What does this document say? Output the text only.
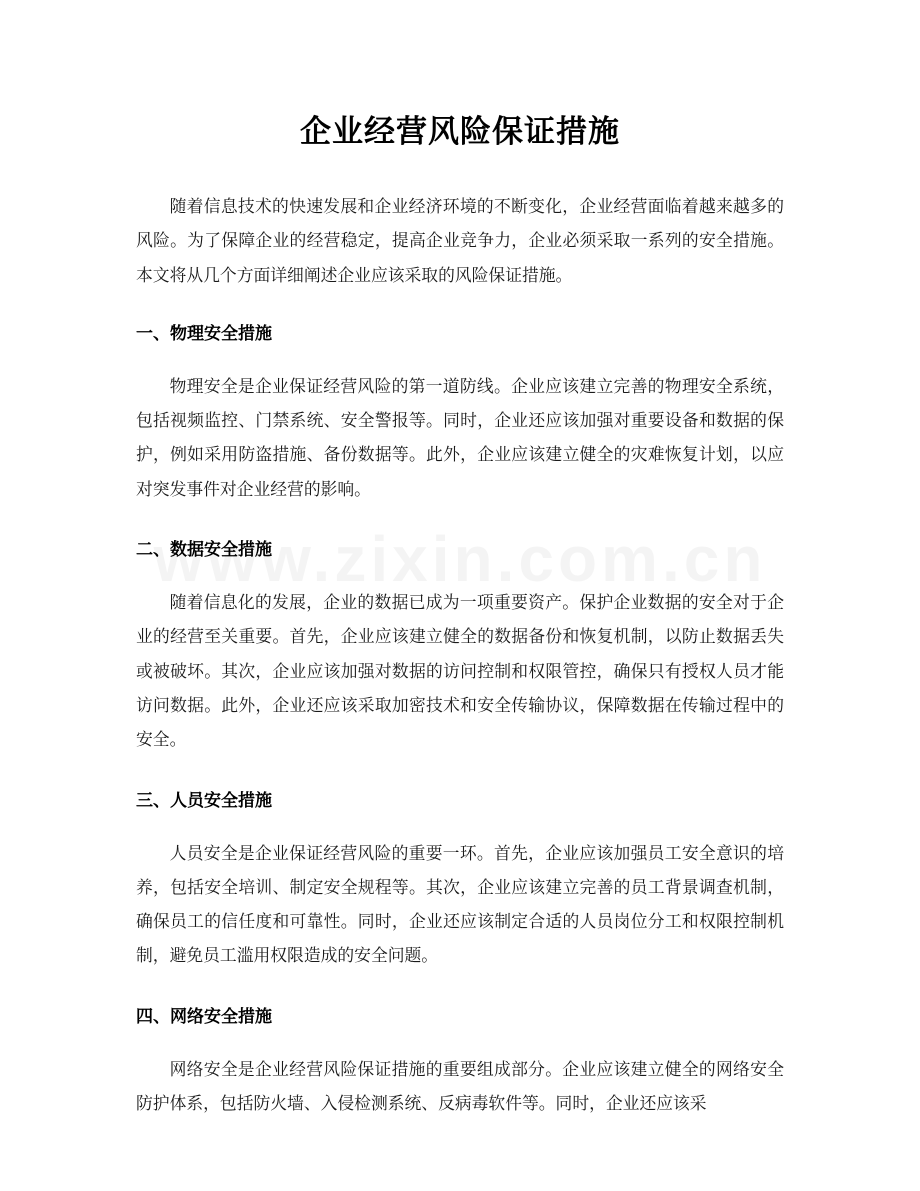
企业经营风险保证措施

随着信息技术的快速发展和企业经济环境的不断变化，企业经营面临着越来越多的风险。为了保障企业的经营稳定，提高企业竞争力，企业必须采取一系列的安全措施。本文将从几个方面详细阐述企业应该采取的风险保证措施。

一、物理安全措施

物理安全是企业保证经营风险的第一道防线。企业应该建立完善的物理安全系统，包括视频监控、门禁系统、安全警报等。同时，企业还应该加强对重要设备和数据的保护，例如采用防盗措施、备份数据等。此外，企业应该建立健全的灾难恢复计划，以应对突发事件对企业经营的影响。

二、数据安全措施

随着信息化的发展，企业的数据已成为一项重要资产。保护企业数据的安全对于企业的经营至关重要。首先，企业应该建立健全的数据备份和恢复机制，以防止数据丢失或被破坏。其次，企业应该加强对数据的访问控制和权限管控，确保只有授权人员才能访问数据。此外，企业还应该采取加密技术和安全传输协议，保障数据在传输过程中的安全。

三、人员安全措施

人员安全是企业保证经营风险的重要一环。首先，企业应该加强员工安全意识的培养，包括安全培训、制定安全规程等。其次，企业应该建立完善的员工背景调查机制，确保员工的信任度和可靠性。同时，企业还应该制定合适的人员岗位分工和权限控制机制，避免员工滥用权限造成的安全问题。

四、网络安全措施

网络安全是企业经营风险保证措施的重要组成部分。企业应该建立健全的网络安全防护体系，包括防火墙、入侵检测系统、反病毒软件等。同时，企业还应该采
